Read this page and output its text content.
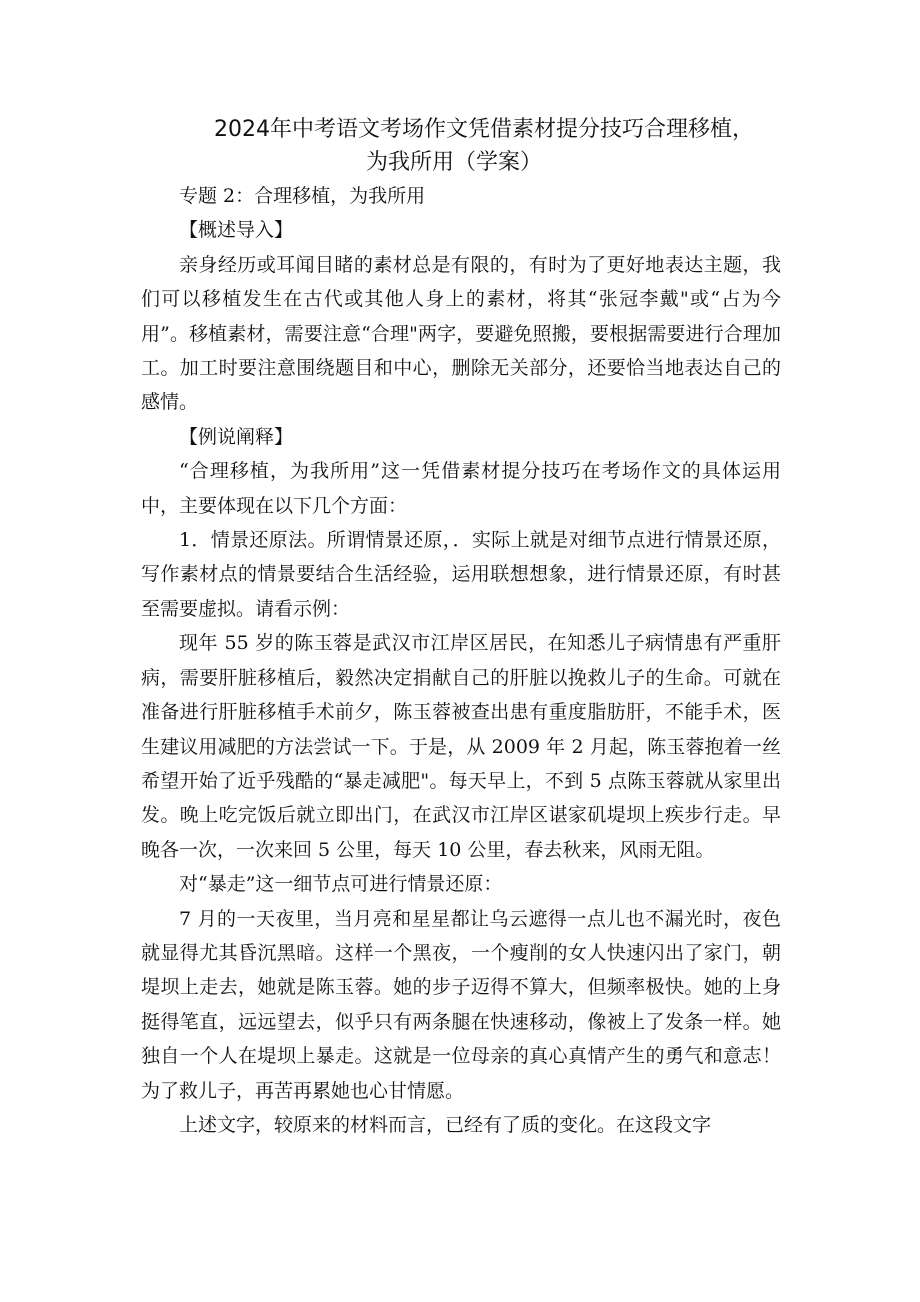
2024年中考语文考场作文凭借素材提分技巧合理移植，
为我所用（学案）
专题 2：合理移植，为我所用
【概述导入】

亲身经历或耳闻目睹的素材总是有限的，有时为了更好地表达主题，我们可以移植发生在古代或其他人身上的素材，将其“张冠李戴"或“占为今用”。移植素材，需要注意“合理"两字，要避免照搬，要根据需要进行合理加工。加工时要注意围绕题目和中心，删除无关部分，还要恰当地表达自己的感情。

【例说阐释】

“合理移植，为我所用”这一凭借素材提分技巧在考场作文的具体运用中，主要体现在以下几个方面：

1．情景还原法。所谓情景还原，．实际上就是对细节点进行情景还原，写作素材点的情景要结合生活经验，运用联想想象，进行情景还原，有时甚至需要虚拟。请看示例：

现年 55 岁的陈玉蓉是武汉市江岸区居民，在知悉儿子病情患有严重肝病，需要肝脏移植后，毅然决定捐献自己的肝脏以挽救儿子的生命。可就在准备进行肝脏移植手术前夕，陈玉蓉被查出患有重度脂肪肝，不能手术，医生建议用减肥的方法尝试一下。于是，从 2009 年 2 月起，陈玉蓉抱着一丝希望开始了近乎残酷的“暴走减肥"。每天早上，不到 5 点陈玉蓉就从家里出发。晚上吃完饭后就立即出门，在武汉市江岸区谌家矶堤坝上疾步行走。早晚各一次，一次来回 5 公里，每天 10 公里，春去秋来，风雨无阻。

对“暴走”这一细节点可进行情景还原：

7 月的一天夜里，当月亮和星星都让乌云遮得一点儿也不漏光时，夜色就显得尤其昏沉黑暗。这样一个黑夜，一个瘦削的女人快速闪出了家门，朝堤坝上走去，她就是陈玉蓉。她的步子迈得不算大，但频率极快。她的上身挺得笔直，远远望去，似乎只有两条腿在快速移动，像被上了发条一样。她独自一个人在堤坝上暴走。这就是一位母亲的真心真情产生的勇气和意志！为了救儿子，再苦再累她也心甘情愿。

上述文字，较原来的材料而言，已经有了质的变化。在这段文字
